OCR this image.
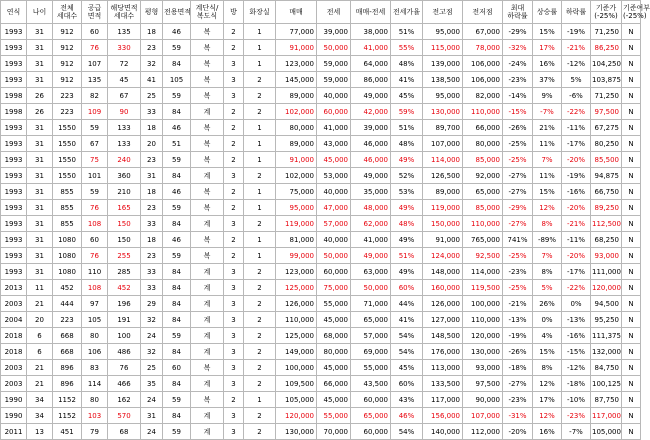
연식	나이	전체 세대수	공급 면적	해당면적 세대수	평형	전용면적	계단식/ 복도식	방	화장실	매매	전세	매매-전세	전세가율	전고점	전저점	최대 하락률	상승률	하락률	기준가 (-25%)	기준여부 (-25%)
1993	31	912	60	135	18	46	복	2	1	77,000	39,000	38,000	51%	95,000	67,000	-29%	15%	-19%	71,250	N
1993	31	912	76	330	23	59	복	2	1	91,000	50,000	41,000	55%	115,000	78,000	-32%	17%	-21%	86,250	N
1993	31	912	107	72	32	84	복	3	1	123,000	59,000	64,000	48%	139,000	106,000	-24%	16%	-12%	104,250	N
1993	31	912	135	45	41	105	복	3	2	145,000	59,000	86,000	41%	138,500	106,000	-23%	37%	5%	103,875	N
1998	26	223	82	67	25	59	복	3	2	89,000	40,000	49,000	45%	95,000	82,000	-14%	9%	-6%	71,250	N
1998	26	223	109	90	33	84	계	2	2	102,000	60,000	42,000	59%	130,000	110,000	-15%	-7%	-22%	97,500	N
1993	31	1550	59	133	18	46	복	2	1	80,000	41,000	39,000	51%	89,700	66,000	-26%	21%	-11%	67,275	N
1993	31	1550	67	133	20	51	복	2	1	89,000	43,000	46,000	48%	107,000	80,000	-25%	11%	-17%	80,250	N
1993	31	1550	75	240	23	59	복	2	1	91,000	45,000	46,000	49%	114,000	85,000	-25%	7%	-20%	85,500	N
1993	31	1550	101	360	31	84	계	3	2	102,000	53,000	49,000	52%	126,500	92,000	-27%	11%	-19%	94,875	N
1993	31	855	59	210	18	46	복	2	1	75,000	40,000	35,000	53%	89,000	65,000	-27%	15%	-16%	66,750	N
1993	31	855	76	165	23	59	복	2	1	95,000	47,000	48,000	49%	119,000	85,000	-29%	12%	-20%	89,250	N
1993	31	855	108	150	33	84	계	3	2	119,000	57,000	62,000	48%	150,000	110,000	-27%	8%	-21%	112,500	N
1993	31	1080	60	150	18	46	복	2	1	81,000	40,000	41,000	49%	91,000	765,000	741%	-89%	-11%	68,250	N
1993	31	1080	76	255	23	59	복	2	1	99,000	50,000	49,000	51%	124,000	92,500	-25%	7%	-20%	93,000	N
1993	31	1080	110	285	33	84	계	3	2	123,000	60,000	63,000	49%	148,000	114,000	-23%	8%	-17%	111,000	N
2013	11	452	108	452	33	84	계	3	2	125,000	75,000	50,000	60%	160,000	119,500	-25%	5%	-22%	120,000	N
2003	21	444	97	196	29	84	계	3	2	126,000	55,000	71,000	44%	126,000	100,000	-21%	26%	0%	94,500	N
2004	20	223	105	191	32	84	계	3	2	110,000	45,000	65,000	41%	127,000	110,000	-13%	0%	-13%	95,250	N
2018	6	668	80	100	24	59	계	3	2	125,000	68,000	57,000	54%	148,500	120,000	-19%	4%	-16%	111,375	N
2018	6	668	106	486	32	84	계	3	2	149,000	80,000	69,000	54%	176,000	130,000	-26%	15%	-15%	132,000	N
2003	21	896	83	76	25	60	복	3	2	100,000	45,000	55,000	45%	113,000	93,000	-18%	8%	-12%	84,750	N
2003	21	896	114	466	35	84	계	3	2	109,500	66,000	43,500	60%	133,500	97,500	-27%	12%	-18%	100,125	N
1990	34	1152	80	162	24	59	복	2	1	105,000	45,000	60,000	43%	117,000	90,000	-23%	17%	-10%	87,750	N
1990	34	1152	103	570	31	84	계	3	2	120,000	55,000	65,000	46%	156,000	107,000	-31%	12%	-23%	117,000	N
2011	13	451	79	68	24	59	계	3	2	130,000	70,000	60,000	54%	140,000	112,000	-20%	16%	-7%	105,000	N
